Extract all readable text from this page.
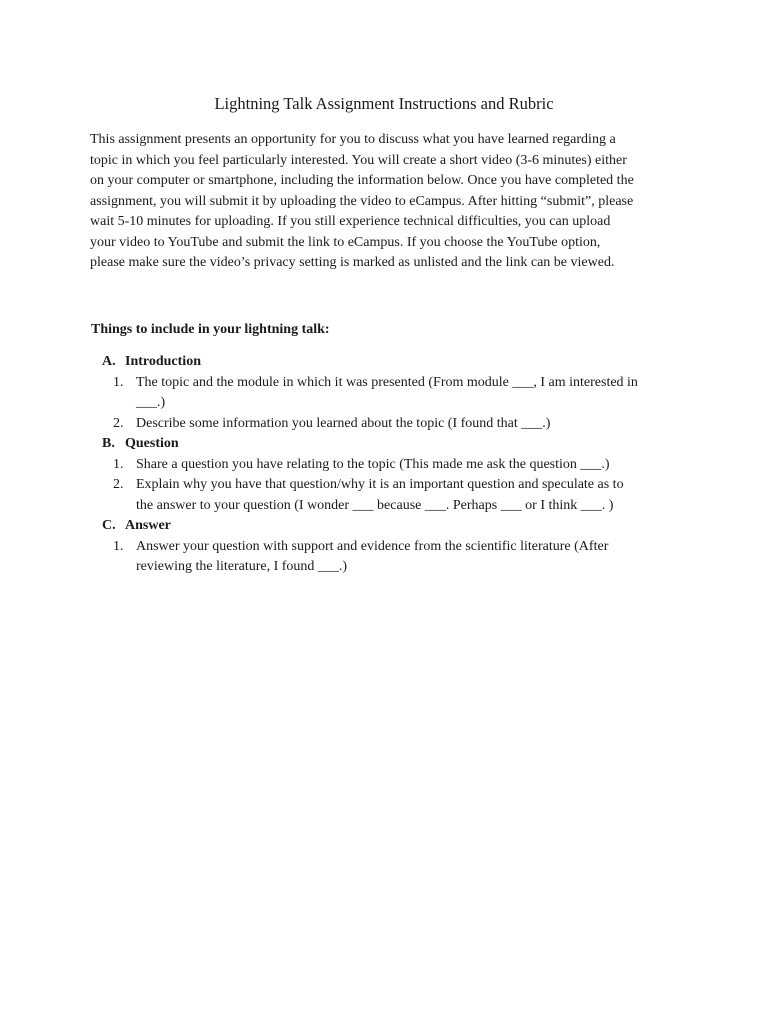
Lightning Talk Assignment Instructions and Rubric
This assignment presents an opportunity for you to discuss what you have learned regarding a
topic in which you feel particularly interested. You will create a short video (3-6 minutes) either
on your computer or smartphone, including the information below. Once you have completed the
assignment, you will submit it by uploading the video to eCampus. After hitting “submit”, please
wait 5-10 minutes for uploading. If you still experience technical difficulties, you can upload
your video to YouTube and submit the link to eCampus. If you choose the YouTube option,
please make sure the video’s privacy setting is marked as unlisted and the link can be viewed.
Things to include in your lightning talk:
A. Introduction
1. The topic and the module in which it was presented (From module ___, I am interested in
___.)
2. Describe some information you learned about the topic (I found that ___.)
B. Question
1. Share a question you have relating to the topic (This made me ask the question ___.)
2. Explain why you have that question/why it is an important question and speculate as to
the answer to your question (I wonder ___ because ___. Perhaps ___ or I think ___. )
C. Answer
1. Answer your question with support and evidence from the scientific literature (After
reviewing the literature, I found ___.)
